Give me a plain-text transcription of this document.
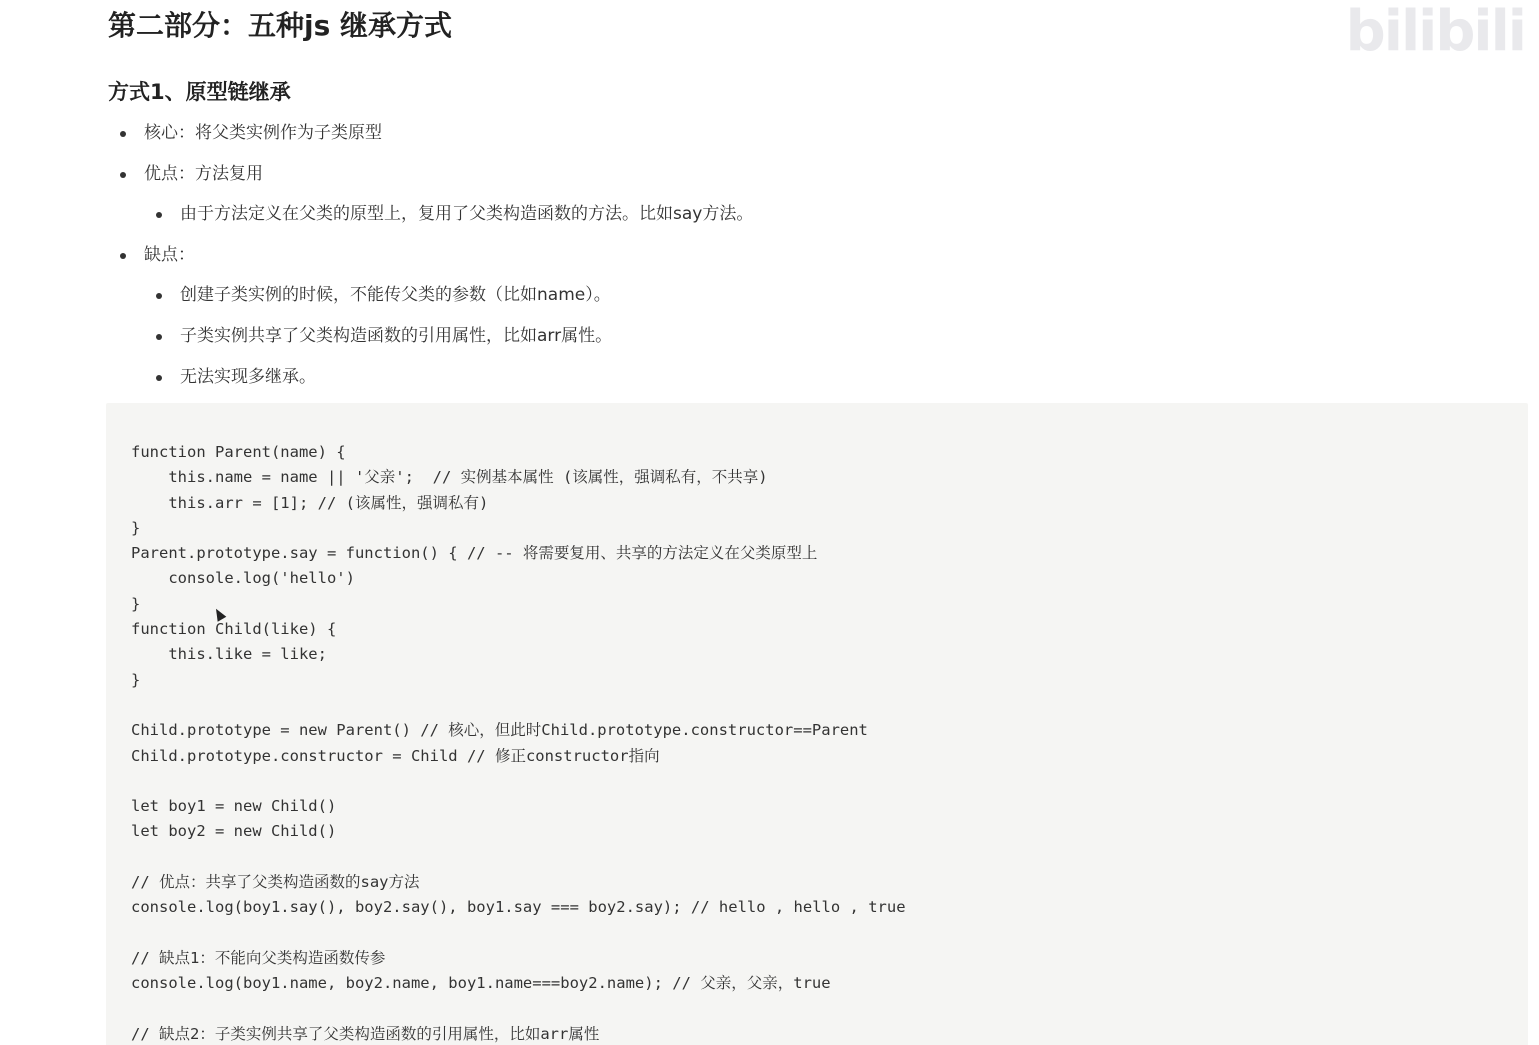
bilibili
第二部分：五种js 继承方式
方式1、原型链继承
核心：将父类实例作为子类原型
优点：方法复用
由于方法定义在父类的原型上，复用了父类构造函数的方法。比如say方法。
缺点：
创建子类实例的时候，不能传父类的参数（比如name）。
子类实例共享了父类构造函数的引用属性，比如arr属性。
无法实现多继承。
function Parent(name) {
this.name = name || '父亲';  // 实例基本属性 (该属性，强调私有，不共享)
this.arr = [1]; // (该属性，强调私有)
}
Parent.prototype.say = function() { // -- 将需要复用、共享的方法定义在父类原型上
console.log('hello')
}
function Child(like) {
this.like = like;
}
Child.prototype = new Parent() // 核心，但此时Child.prototype.constructor==Parent
Child.prototype.constructor = Child // 修正constructor指向
let boy1 = new Child()
let boy2 = new Child()
// 优点：共享了父类构造函数的say方法
console.log(boy1.say(), boy2.say(), boy1.say === boy2.say); // hello , hello , true
// 缺点1：不能向父类构造函数传参
console.log(boy1.name, boy2.name, boy1.name===boy2.name); // 父亲，父亲，true
// 缺点2：子类实例共享了父类构造函数的引用属性，比如arr属性
